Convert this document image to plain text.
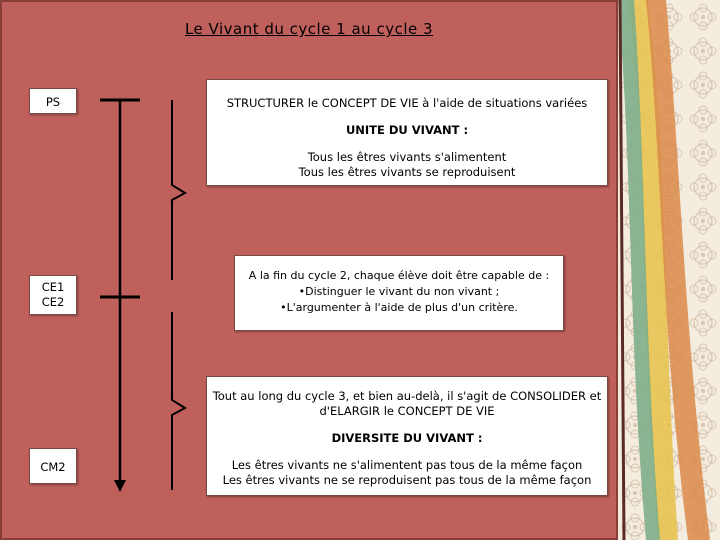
Le Vivant du cycle 1 au cycle 3
PS
CE1
CE2
CM2
STRUCTURER le CONCEPT DE VIE à l'aide de situations variées
UNITE DU VIVANT :
Tous les êtres vivants s'alimentent
Tous les êtres vivants se reproduisent
A la fin du cycle 2, chaque élève doit être capable de :
•Distinguer le vivant du non vivant ;
•L'argumenter à l'aide de plus d'un critère.
Tout au long du cycle 3, et bien au-delà, il s'agit de CONSOLIDER et
d'ELARGIR le CONCEPT DE VIE
DIVERSITE DU VIVANT :
Les êtres vivants ne s'alimentent pas tous de la même façon
Les êtres vivants ne se reproduisent pas tous de la même façon
